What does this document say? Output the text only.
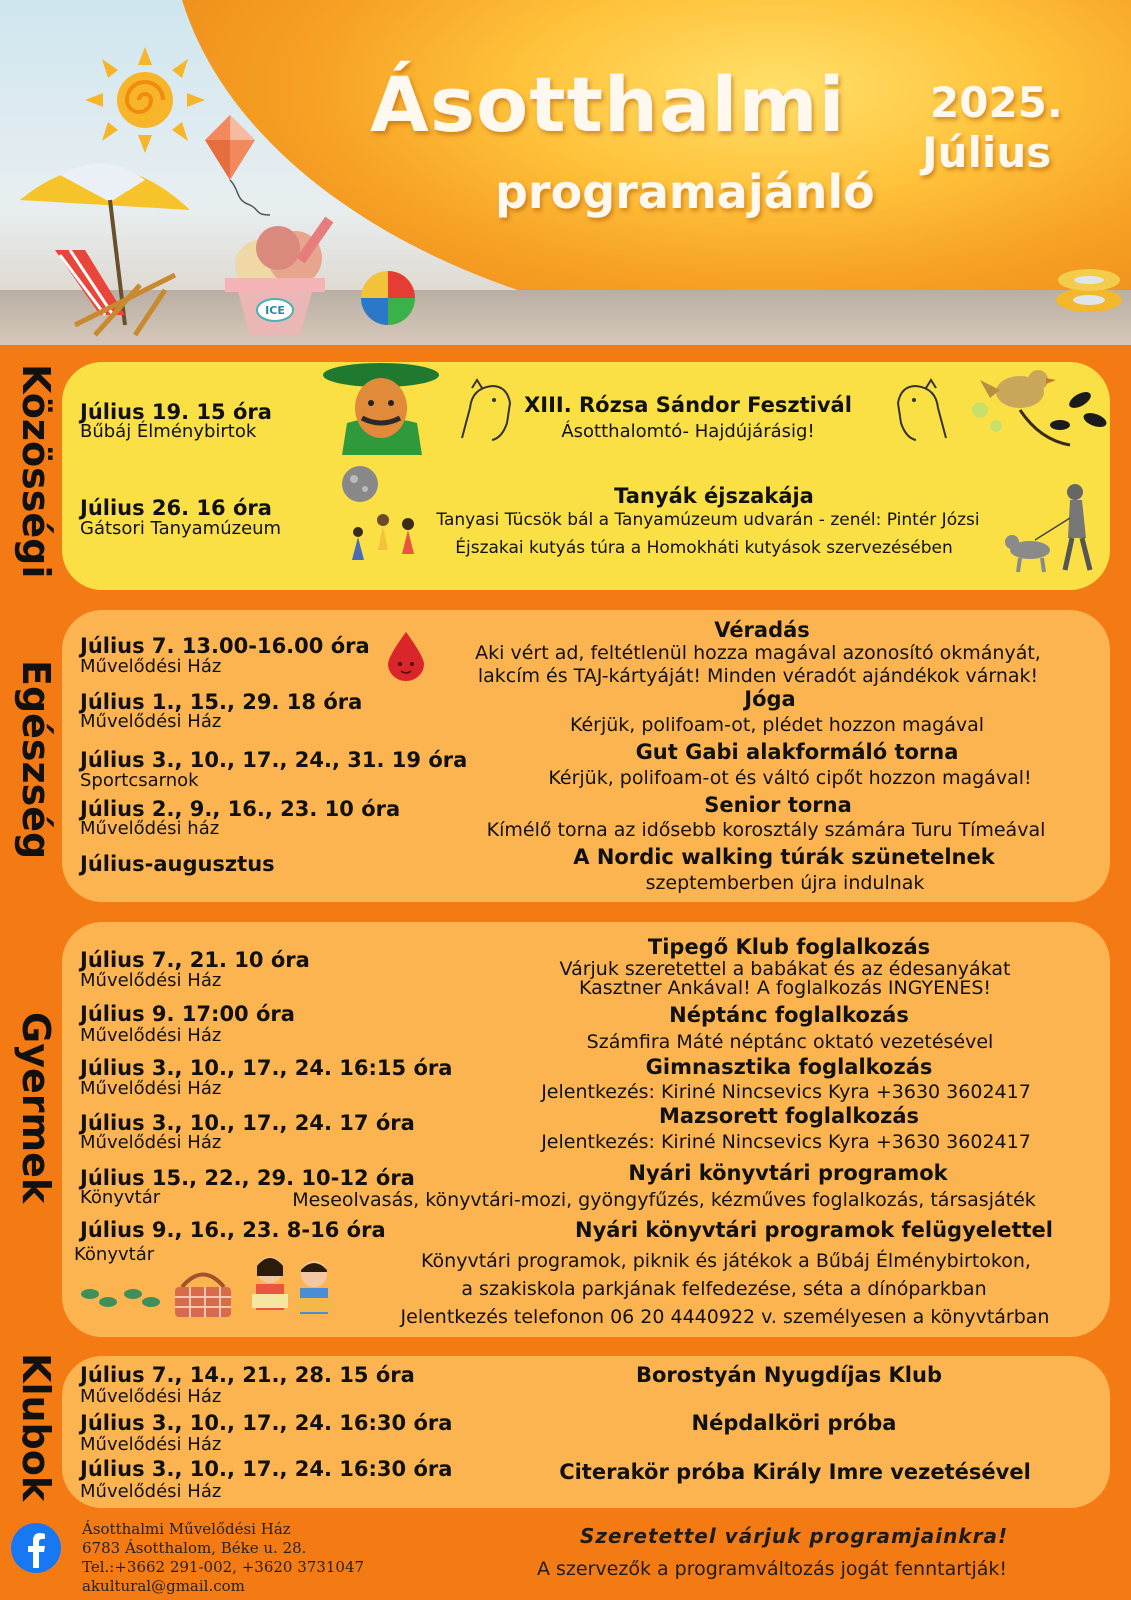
ICE
Ásotthalmi
programajánló
2025.
Július
Közösségi
Egészség
Gyermek
Klubok
Július 19. 15 óra
Bűbáj Élménybirtok
XIII. Rózsa Sándor Fesztivál
Ásotthalomtó- Hajdújárásig!
Július 26. 16 óra
Gátsori Tanyamúzeum
Tanyák éjszakája
Tanyasi Tücsök bál a Tanyamúzeum udvarán - zenél: Pintér Józsi
Éjszakai kutyás túra a Homokháti kutyások szervezésében
Július 7. 13.00-16.00 óra
Művelődési Ház
Véradás
Aki vért ad, feltétlenül hozza magával azonosító okmányát,
lakcím és TAJ-kártyáját! Minden véradót ajándékok várnak!
Július 1., 15., 29. 18 óra
Művelődési Ház
Jóga
Kérjük, polifoam-ot, plédet hozzon magával
Július 3., 10., 17., 24., 31. 19 óra
Sportcsarnok
Gut Gabi alakformáló torna
Kérjük, polifoam-ot és váltó cipőt hozzon magával!
Július 2., 9., 16., 23. 10 óra
Művelődési ház
Senior torna
Kímélő torna az idősebb korosztály számára Turu Tímeával
Július-augusztus	A Nordic walking túrák szünetelnek
szeptemberben újra indulnak
Július 7., 21. 10 óra
Művelődési Ház
Tipegő Klub foglalkozás
Várjuk szeretettel a babákat és az édesanyákat
Kasztner Ankával! A foglalkozás INGYENES!
Július 9. 17:00 óra
Művelődési Ház
Néptánc foglalkozás
Számfira Máté néptánc oktató vezetésével
Július 3., 10., 17., 24. 16:15 óra
Művelődési Ház
Gimnasztika foglalkozás
Jelentkezés: Kiriné Nincsevics Kyra +3630 3602417
Július 3., 10., 17., 24. 17 óra
Művelődési Ház
Mazsorett foglalkozás
Jelentkezés: Kiriné Nincsevics Kyra +3630 3602417
Július 15., 22., 29. 10-12 óra
Könyvtár
Nyári könyvtári programok
Meseolvasás, könyvtári-mozi, gyöngyfűzés, kézműves foglalkozás, társasjáték
Július 9., 16., 23. 8-16 óra
Könyvtár
Nyári könyvtári programok felügyelettel
Könyvtári programok, piknik és játékok a Bűbáj Élménybirtokon,
a szakiskola parkjának felfedezése, séta a dínóparkban
Jelentkezés telefonon 06 20 4440922 v. személyesen a könyvtárban
Július 7., 14., 21., 28. 15 óra
Művelődési Ház
Borostyán Nyugdíjas Klub
Július 3., 10., 17., 24. 16:30 óra
Művelődési Ház
Népdalköri próba
Július 3., 10., 17., 24. 16:30 óra
Művelődési Ház
Citerakör próba Király Imre vezetésével
Ásotthalmi Művelődési Ház
6783 Ásotthalom, Béke u. 28.
Tel.:+3662 291-002, +3620 3731047
akultural@gmail.com
Szeretettel várjuk programjainkra!
A szervezők a programváltozás jogát fenntartják!
